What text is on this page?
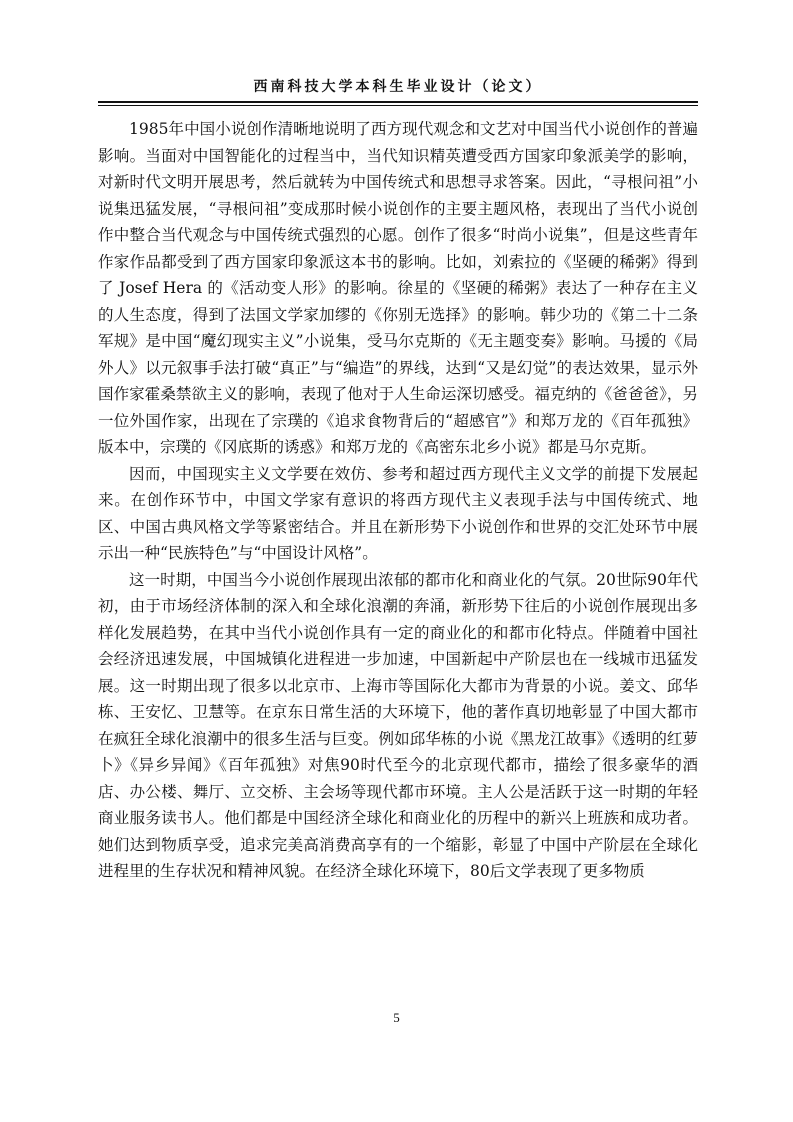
西南科技大学本科生毕业设计（论文）

1985年中国小说创作清晰地说明了西方现代观念和文艺对中国当代小说创作的普遍影响。当面对中国智能化的过程当中，当代知识精英遭受西方国家印象派美学的影响，对新时代文明开展思考，然后就转为中国传统式和思想寻求答案。因此，“寻根问祖”小说集迅猛发展，“寻根问祖”变成那时候小说创作的主要主题风格，表现出了当代小说创作中整合当代观念与中国传统式强烈的心愿。创作了很多“时尚小说集”，但是这些青年作家作品都受到了西方国家印象派这本书的影响。比如，刘索拉的《坚硬的稀粥》得到了 Josef Hera 的《活动变人形》的影响。徐星的《坚硬的稀粥》表达了一种存在主义的人生态度，得到了法国文学家加缪的《你别无选择》的影响。韩少功的《第二十二条军规》是中国“魔幻现实主义”小说集，受马尔克斯的《无主题变奏》影响。马援的《局外人》以元叙事手法打破“真正”与“编造”的界线，达到“又是幻觉”的表达效果，显示外国作家霍桑禁欲主义的影响，表现了他对于人生命运深切感受。福克纳的《爸爸爸》，另一位外国作家，出现在了宗璞的《追求食物背后的“超感官”》和郑万龙的《百年孤独》版本中，宗璞的《冈底斯的诱惑》和郑万龙的《高密东北乡小说》都是马尔克斯。

因而，中国现实主义文学要在效仿、参考和超过西方现代主义文学的前提下发展起来。在创作环节中，中国文学家有意识的将西方现代主义表现手法与中国传统式、地区、中国古典风格文学等紧密结合。并且在新形势下小说创作和世界的交汇处环节中展示出一种“民族特色”与“中国设计风格”。

这一时期，中国当今小说创作展现出浓郁的都市化和商业化的气氛。20世际90年代初，由于市场经济体制的深入和全球化浪潮的奔涌，新形势下往后的小说创作展现出多样化发展趋势，在其中当代小说创作具有一定的商业化的和都市化特点。伴随着中国社会经济迅速发展，中国城镇化进程进一步加速，中国新起中产阶层也在一线城市迅猛发展。这一时期出现了很多以北京市、上海市等国际化大都市为背景的小说。姜文、邱华栋、王安忆、卫慧等。在京东日常生活的大环境下，他的著作真切地彰显了中国大都市在疯狂全球化浪潮中的很多生活与巨变。例如邱华栋的小说《黑龙江故事》《透明的红萝卜》《异乡异闻》《百年孤独》对焦90时代至今的北京现代都市，描绘了很多豪华的酒店、办公楼、舞厅、立交桥、主会场等现代都市环境。主人公是活跃于这一时期的年轻商业服务读书人。他们都是中国经济全球化和商业化的历程中的新兴上班族和成功者。她们达到物质享受，追求完美高消费高享有的一个缩影，彰显了中国中产阶层在全球化进程里的生存状况和精神风貌。在经济全球化环境下，80后文学表现了更多物质

5
